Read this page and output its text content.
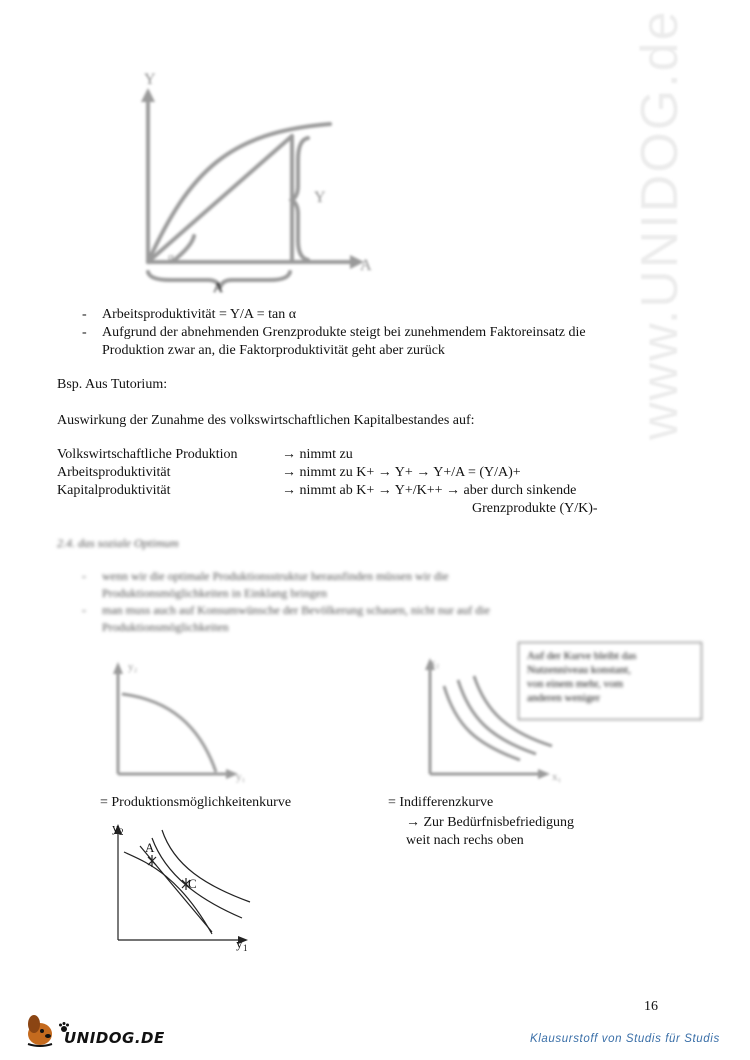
www.UNIDOG.de
Y
A
Y
A
α
- Arbeitsproduktivität = Y/A = tan α
- Aufgrund der abnehmenden Grenzprodukte steigt bei zunehmendem Faktoreinsatz die
Produktion zwar an, die Faktorproduktivität geht aber zurück
Bsp. Aus Tutorium:
Auswirkung der Zunahme des volkswirtschaftlichen Kapitalbestandes auf:
Volkswirtschaftliche Produktion	→ nimmt zu
Arbeitsproduktivität	→ nimmt zu K+ → Y+ → Y+/A = (Y/A)+
Kapitalproduktivität	→ nimmt ab K+ → Y+/K++ → aber durch sinkende
Grenzprodukte (Y/K)-
2.4. das soziale Optimum
- wenn wir die optimale Produktionsstruktur herausfinden müssen wir die
Produktionsmöglichkeiten in Einklang bringen
- man muss auch auf Konsumwünsche der Bevölkerung schauen, nicht nur auf die
Produktionsmöglichkeiten
y₂
y₁
= Produktionsmöglichkeitenkurve
x₂
x₁
Auf der Kurve bleibt das
Nutzenniveau konstant,
von einem mehr, vom
anderen weniger
= Indifferenzkurve
→ Zur Bedürfnisbefriedigung
weit nach rechs oben
y 2
y 1
A
C
16
UNIDOG.DE	Klausurstoff von Studis für Studis
